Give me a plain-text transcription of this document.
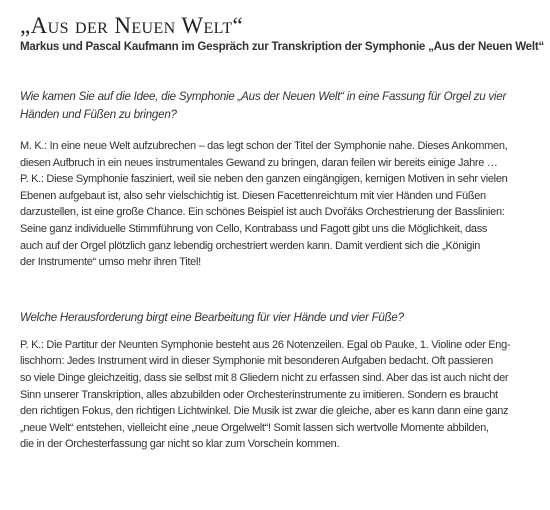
„Aus der Neuen Welt“

Markus und Pascal Kaufmann im Gespräch zur Transkription der Symphonie „Aus der Neuen Welt“

Wie kamen Sie auf die Idee, die Symphonie „Aus der Neuen Welt“ in eine Fassung für Orgel zu vier
Händen und Füßen zu bringen?

M. K.: In eine neue Welt aufzubrechen – das legt schon der Titel der Symphonie nahe. Dieses Ankommen,
diesen Aufbruch in ein neues instrumentales Gewand zu bringen, daran feilen wir bereits einige Jahre …
P. K.: Diese Symphonie fasziniert, weil sie neben den ganzen eingängigen, kernigen Motiven in sehr vielen
Ebenen aufgebaut ist, also sehr vielschichtig ist. Diesen Facettenreichtum mit vier Händen und Füßen
darzustellen, ist eine große Chance. Ein schönes Beispiel ist auch Dvořáks Orchestrierung der Basslinien:
Seine ganz individuelle Stimmführung von Cello, Kontrabass und Fagott gibt uns die Möglichkeit, dass
auch auf der Orgel plötzlich ganz lebendig orchestriert werden kann. Damit verdient sich die „Königin
der Instrumente“ umso mehr ihren Titel!

Welche Herausforderung birgt eine Bearbeitung für vier Hände und vier Füße?

P. K.: Die Partitur der Neunten Symphonie besteht aus 26 Notenzeilen. Egal ob Pauke, 1. Violine oder Eng-
lischhorn: Jedes Instrument wird in dieser Symphonie mit besonderen Aufgaben bedacht. Oft passieren
so viele Dinge gleichzeitig, dass sie selbst mit 8 Gliedern nicht zu erfassen sind. Aber das ist auch nicht der
Sinn unserer Transkription, alles abzubilden oder Orchesterinstrumente zu imitieren. Sondern es braucht
den richtigen Fokus, den richtigen Lichtwinkel. Die Musik ist zwar die gleiche, aber es kann dann eine ganz
„neue Welt“ entstehen, vielleicht eine „neue Orgelwelt“! Somit lassen sich wertvolle Momente abbilden,
die in der Orchesterfassung gar nicht so klar zum Vorschein kommen.
